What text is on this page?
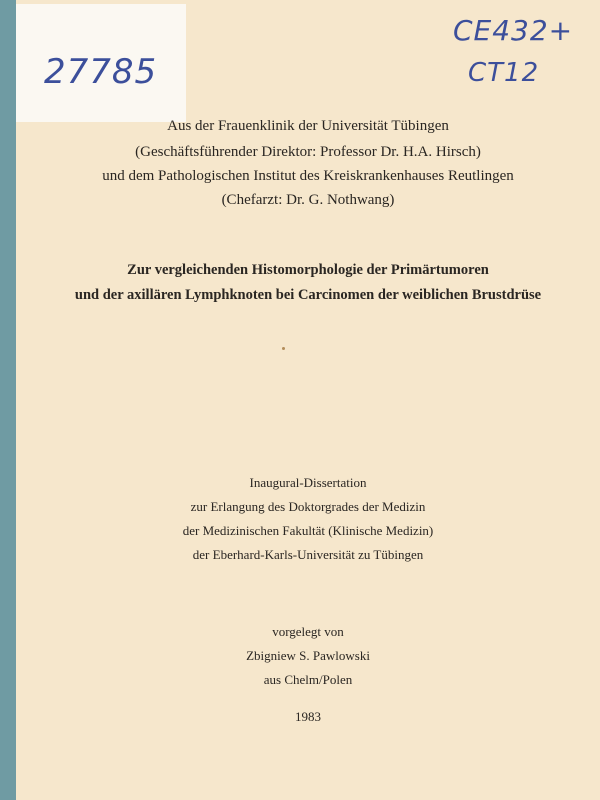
27785
CE432+
CT12
Aus der Frauenklinik der Universität Tübingen
(Geschäftsführender Direktor: Professor Dr. H.A. Hirsch)
und dem Pathologischen Institut des Kreiskrankenhauses Reutlingen
(Chefarzt: Dr. G. Nothwang)
Zur vergleichenden Histomorphologie der Primärtumoren
und der axillären Lymphknoten bei Carcinomen der weiblichen Brustdrüse
Inaugural-Dissertation
zur Erlangung des Doktorgrades der Medizin
der Medizinischen Fakultät (Klinische Medizin)
der Eberhard-Karls-Universität zu Tübingen
vorgelegt von
Zbigniew S. Pawlowski
aus Chelm/Polen
1983
